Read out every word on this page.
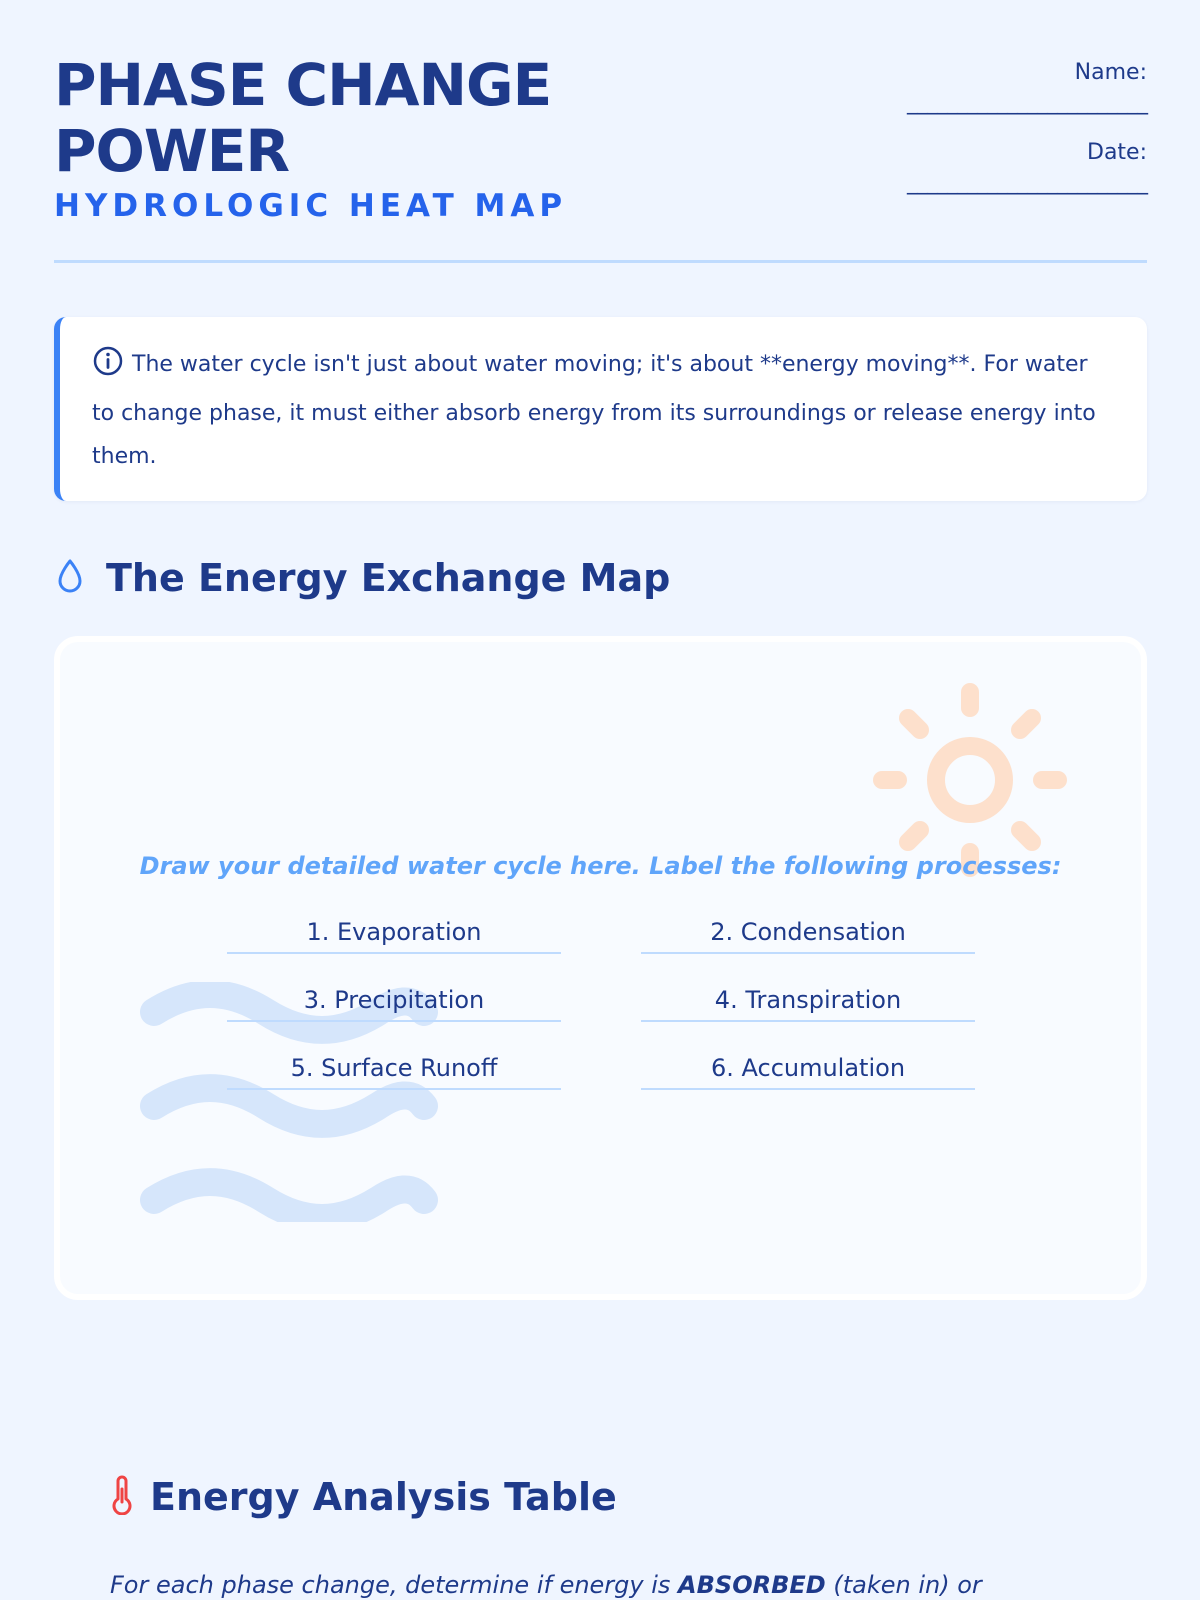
PHASE CHANGE
POWER
HYDROLOGIC HEAT MAP
Name:
________________________
Date:
________________________

The water cycle isn't just about water moving; it's about **energy moving**. For water to change phase, it must either absorb energy from its surroundings or release energy into them.

The Energy Exchange Map
Draw your detailed water cycle here. Label the following processes:
1. Evaporation	2. Condensation
3. Precipitation	4. Transpiration
5. Surface Runoff	6. Accumulation
Energy Analysis Table

For each phase change, determine if energy is ABSORBED (taken in) or
